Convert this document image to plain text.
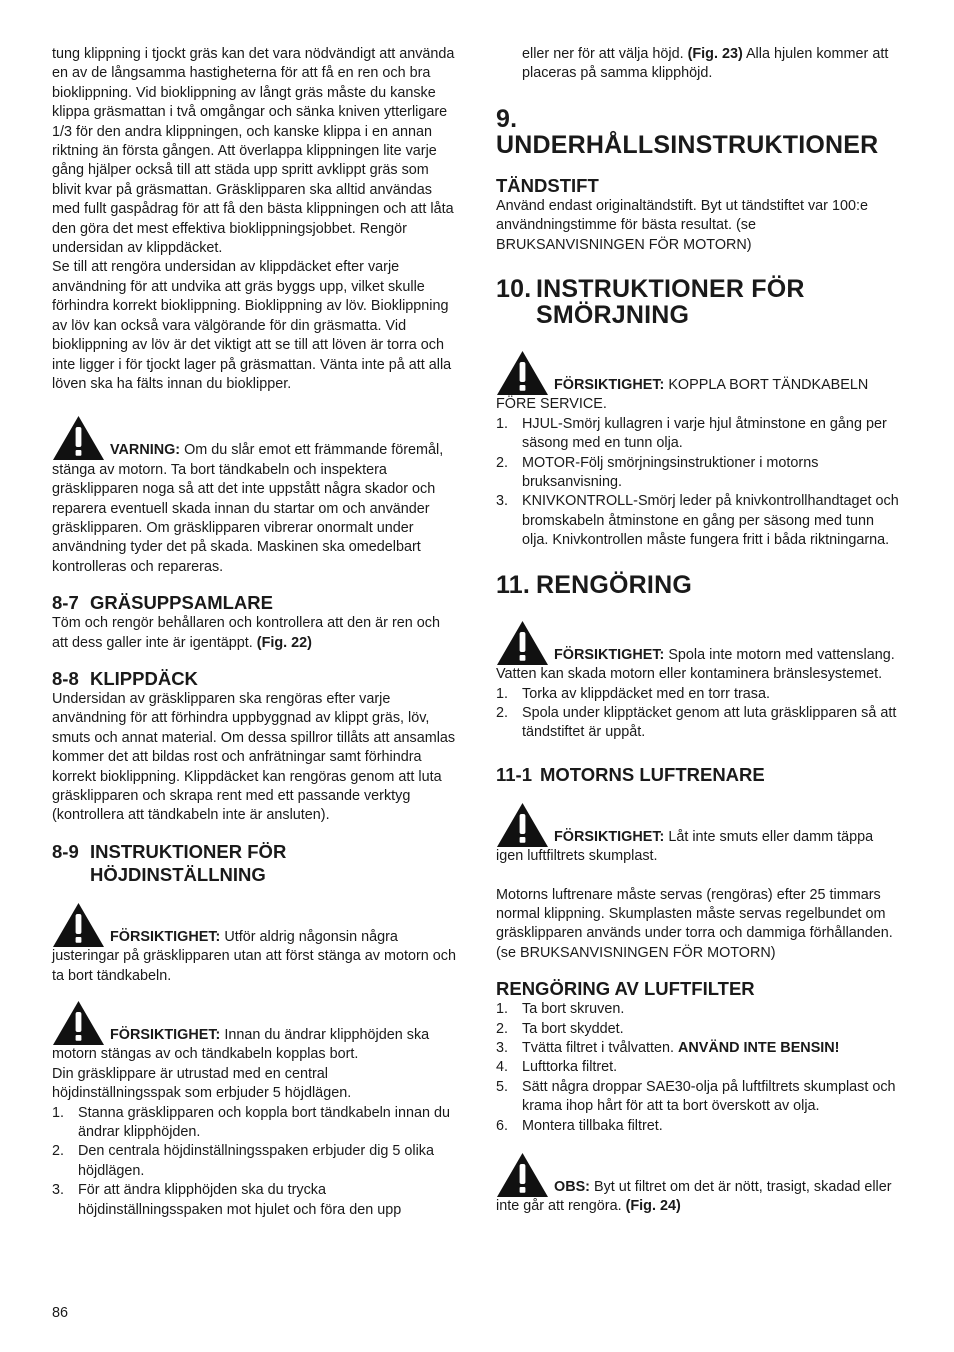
tung klippning i tjockt gräs kan det vara nödvändigt att använda en av de långsamma hastigheterna för att få en ren och bra bioklippning. Vid bioklippning av långt gräs måste du kanske klippa gräsmattan i två omgångar och sänka kniven ytterligare 1/3 för den andra klippningen, och kanske klippa i en annan riktning än första gången. Att överlappa klippningen lite varje gång hjälper också till att städa upp spritt avklippt gräs som blivit kvar på gräsmattan. Gräsklipparen ska alltid användas med fullt gaspådrag för att få den bästa klippningen och att låta den göra det mest effektiva bioklippningsjobbet. Rengör undersidan av klippdäcket.

Se till att rengöra undersidan av klippdäcket efter varje användning för att undvika att gräs byggs upp, vilket skulle förhindra korrekt bioklippning. Bioklippning av löv. Bioklippning av löv kan också vara välgörande för din gräsmatta. Vid bioklippning av löv är det viktigt att se till att löven är torra och inte ligger i för tjockt lager på gräsmattan. Vänta inte på att alla löven ska ha fälts innan du bioklipper.

VARNING: Om du slår emot ett främmande föremål, stänga av motorn. Ta bort tändkabeln och inspektera gräsklipparen noga så att det inte uppstått några skador och reparera eventuell skada innan du startar om och använder gräsklipparen. Om gräsklipparen vibrerar onormalt under användning tyder det på skada. Maskinen ska omedelbart kontrolleras och repareras.

8-7 GRÄSUPPSAMLARE

Töm och rengör behållaren och kontrollera att den är ren och att dess galler inte är igentäppt. (Fig. 22)

8-8 KLIPPDÄCK

Undersidan av gräsklipparen ska rengöras efter varje användning för att förhindra uppbyggnad av klippt gräs, löv, smuts och annat material. Om dessa spillror tillåts att ansamlas kommer det att bildas rost och anfrätningar samt förhindra korrekt bioklippning. Klippdäcket kan rengöras genom att luta gräsklipparen och skrapa rent med ett passande verktyg (kontrollera att tändkabeln inte är ansluten).

8-9 INSTRUKTIONER FÖR
HÖJDINSTÄLLNING

FÖRSIKTIGHET: Utför aldrig någonsin några justeringar på gräsklipparen utan att först stänga av motorn och ta bort tändkabeln.

FÖRSIKTIGHET: Innan du ändrar klipphöjden ska motorn stängas av och tändkabeln kopplas bort.

Din gräsklippare är utrustad med en central höjdinställningsspak som erbjuder 5 höjdlägen.

1. Stanna gräsklipparen och koppla bort tändkabeln innan du ändrar klipphöjden.
2. Den centrala höjdinställningsspaken erbjuder dig 5 olika höjdlägen.
3. För att ändra klipphöjden ska du trycka höjdinställningsspaken mot hjulet och föra den upp

eller ner för att välja höjd. (Fig. 23) Alla hjulen kommer att placeras på samma klipphöjd.

9.UNDERHÅLLSINSTRUKTIONER
TÄNDSTIFT

Använd endast originaltändstift. Byt ut tändstiftet var 100:e användningstimme för bästa resultat. (se BRUKSANVISNINGEN FÖR MOTORN)

10. INSTRUKTIONER FÖR
SMÖRJNING

FÖRSIKTIGHET: KOPPLA BORT TÄNDKABELN FÖRE SERVICE.

1. HJUL-Smörj kullagren i varje hjul åtminstone en gång per säsong med en tunn olja.
2. MOTOR-Följ smörjningsinstruktioner i motorns bruksanvisning.
3. KNIVKONTROLL-Smörj leder på knivkontrollhandtaget och bromskabeln åtminstone en gång per säsong med tunn olja. Knivkontrollen måste fungera fritt i båda riktningarna.
11. RENGÖRING

FÖRSIKTIGHET: Spola inte motorn med vattenslang. Vatten kan skada motorn eller kontaminera bränslesystemet.

1. Torka av klippdäcket med en torr trasa.
2. Spola under klipptäcket genom att luta gräsklipparen så att tändstiftet är uppåt.
11-1 MOTORNS LUFTRENARE

FÖRSIKTIGHET: Låt inte smuts eller damm täppa igen luftfiltrets skumplast.

Motorns luftrenare måste servas (rengöras) efter 25 timmars normal klippning. Skumplasten måste servas regelbundet om gräsklipparen används under torra och dammiga förhållanden. (se BRUKSANVISNINGEN FÖR MOTORN)

RENGÖRING AV LUFTFILTER
1. Ta bort skruven.
2. Ta bort skyddet.
3. Tvätta filtret i tvålvatten. ANVÄND INTE BENSIN!
4. Lufttorka filtret.
5. Sätt några droppar SAE30-olja på luftfiltrets skumplast och krama ihop hårt för att ta bort överskott av olja.
6. Montera tillbaka filtret.

OBS: Byt ut filtret om det är nött, trasigt, skadad eller inte går att rengöra. (Fig. 24)

86
